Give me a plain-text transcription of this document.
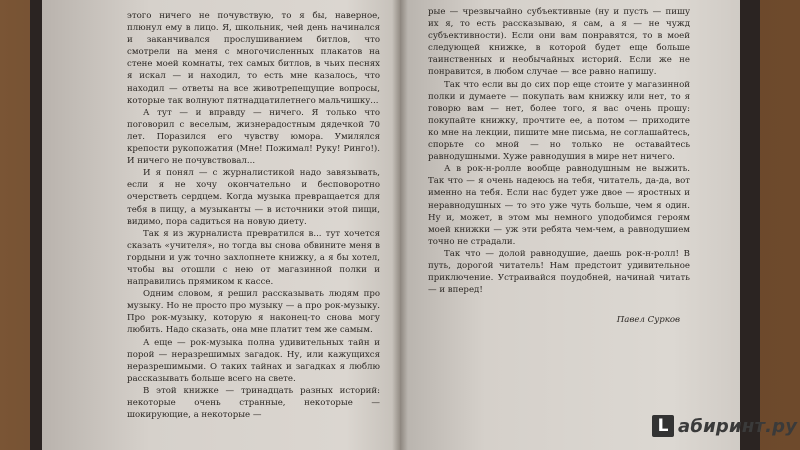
этого ничего не почувствую, то я бы, наверное, плюнул ему в лицо. Я, школьник, чей день начинался и заканчивался прослушиванием битлов, что смотрели на меня с многочисленных плакатов на стене моей комнаты, тех самых битлов, в чьих песнях я искал — и находил, то есть мне казалось, что находил — ответы на все животрепещущие вопросы, которые так волнуют пятнадцатилетнего мальчишку...

А тут — и вправду — ничего. Я только что поговорил с веселым, жизнерадостным дядечкой 70 лет. Поразился его чувству юмора. Умилялся крепости рукопожатия (Мне! Пожимал! Руку! Ринго!). И ничего не почувствовал...

И я понял — с журналистикой надо завязывать, если я не хочу окончательно и бесповоротно очерстветь сердцем. Когда музыка превращается для тебя в пищу, а музыканты — в источники этой пищи, видимо, пора садиться на новую диету.

Так я из журналиста превратился в... тут хочется сказать «учителя», но тогда вы снова обвините меня в гордыни и уж точно захлопнете книжку, а я бы хотел, чтобы вы отошли с нею от магазинной полки и направились прямиком к кассе.

Одним словом, я решил рассказывать людям про музыку. Но не просто про музыку — а про рок-музыку. Про рок-музыку, которую я наконец-то снова могу любить. Надо сказать, она мне платит тем же самым.

А еще — рок-музыка полна удивительных тайн и порой — неразрешимых загадок. Ну, или кажущихся неразрешимыми. О таких тайнах и загадках я люблю рассказывать больше всего на свете.

В этой книжке — тринадцать разных историй: некоторые очень странные, некоторые — шокирующие, а некоторые —

рые — чрезвычайно субъективные (ну и пусть — пишу их я, то есть рассказываю, я сам, а я — не чужд субъективности). Если они вам понравятся, то в моей следующей книжке, в которой будет еще больше таинственных и необычайных историй. Если же не понравится, в любом случае — все равно напишу.

Так что если вы до сих пор еще стоите у магазинной полки и думаете — покупать вам книжку или нет, то я говорю вам — нет, более того, я вас очень прошу: покупайте книжку, прочтите ее, а потом — приходите ко мне на лекции, пишите мне письма, не соглашайтесь, спорьте со мной — но только не оставайтесь равнодушными. Хуже равнодушия в мире нет ничего.

А в рок-н-ролле вообще равнодушным не выжить. Так что — я очень надеюсь на тебя, читатель, да-да, вот именно на тебя. Если нас будет уже двое — яростных и неравнодушных — то это уже чуть больше, чем я один. Ну и, может, в этом мы немного уподобимся героям моей книжки — уж эти ребята чем-чем, а равнодушием точно не страдали.

Так что — долой равнодушие, даешь рок-н-ролл! В путь, дорогой читатель! Нам предстоит удивительное приключение. Устраивайся поудобней, начинай читать — и вперед!

Павел Сурков
L абиринт.ру
